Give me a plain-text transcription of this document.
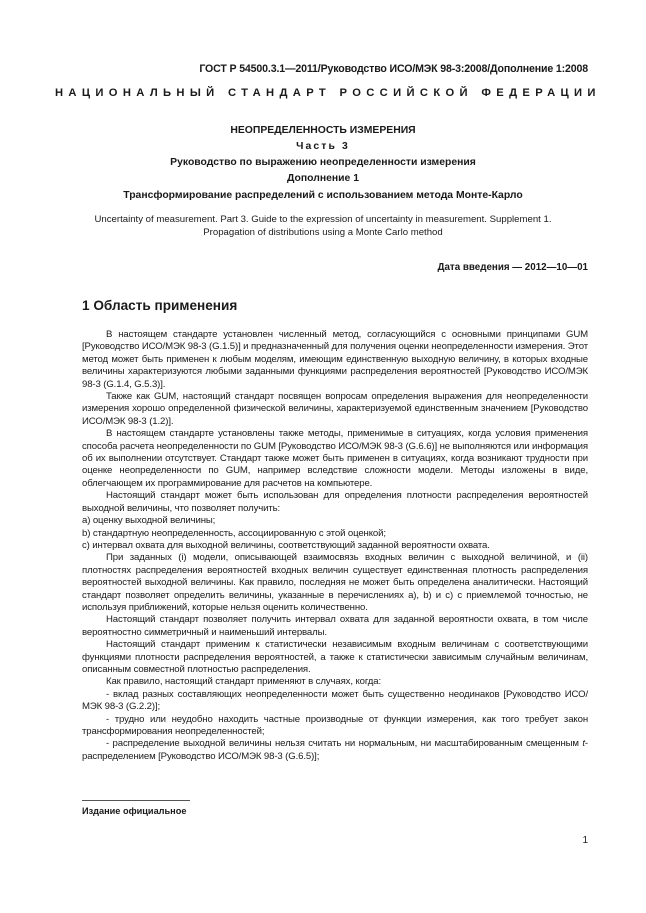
ГОСТ Р 54500.3.1—2011/Руководство ИСО/МЭК 98-3:2008/Дополнение 1:2008
НАЦИОНАЛЬНЫЙ СТАНДАРТ РОССИЙСКОЙ ФЕДЕРАЦИИ
НЕОПРЕДЕЛЕННОСТЬ ИЗМЕРЕНИЯ
Часть 3
Руководство по выражению неопределенности измерения
Дополнение 1
Трансформирование распределений с использованием метода Монте-Карло
Uncertainty of measurement. Part 3. Guide to the expression of uncertainty in measurement. Supplement 1.
Propagation of distributions using a Monte Carlo method
Дата введения — 2012—10—01
1 Область применения

В настоящем стандарте установлен численный метод, согласующийся с основными принципами GUM [Руководство ИСО/МЭК 98-3 (G.1.5)] и предназначенный для получения оценки неопределенности измерения. Этот метод может быть применен к любым моделям, имеющим единственную выходную величину, в которых входные величины характеризуются любыми заданными функциями распределения вероятностей [Руководство ИСО/МЭК 98-3 (G.1.4, G.5.3)].

Также как GUM, настоящий стандарт посвящен вопросам определения выражения для неопределенности измерения хорошо определенной физической величины, характеризуемой единственным значением [Руководство ИСО/МЭК 98-3 (1.2)].

В настоящем стандарте установлены также методы, применимые в ситуациях, когда условия применения способа расчета неопределенности по GUM [Руководство ИСО/МЭК 98-3 (G.6.6)] не выполняются или информация об их выполнении отсутствует. Стандарт также может быть применен в ситуациях, когда возникают трудности при оценке неопределенности по GUM, например вследствие сложности модели. Методы изложены в виде, облегчающем их программирование для расчетов на компьютере.

Настоящий стандарт может быть использован для определения плотности распределения вероятностей выходной величины, что позволяет получить:

a) оценку выходной величины;

b) стандартную неопределенность, ассоциированную с этой оценкой;

c) интервал охвата для выходной величины, соответствующий заданной вероятности охвата.

При заданных (i) модели, описывающей взаимосвязь входных величин с выходной величиной, и (ii) плотностях распределения вероятностей входных величин существует единственная плотность распределения вероятностей выходной величины. Как правило, последняя не может быть определена аналитически. Настоящий стандарт позволяет определить величины, указанные в перечислениях a), b) и c) с приемлемой точностью, не используя приближений, которые нельзя оценить количественно.

Настоящий стандарт позволяет получить интервал охвата для заданной вероятности охвата, в том числе вероятностно симметричный и наименьший интервалы.

Настоящий стандарт применим к статистически независимым входным величинам с соответствующими функциями плотности распределения вероятностей, а также к статистически зависимым случайным величинам, описанным совместной плотностью распределения.

Как правило, настоящий стандарт применяют в случаях, когда:

- вклад разных составляющих неопределенности может быть существенно неодинаков [Руководство ИСО/МЭК 98-3 (G.2.2)];

- трудно или неудобно находить частные производные от функции измерения, как того требует закон трансформирования неопределенностей;

- распределение выходной величины нельзя считать ни нормальным, ни масштабированным смещенным t-распределением [Руководство ИСО/МЭК 98-3 (G.6.5)];

Издание официальное
1
